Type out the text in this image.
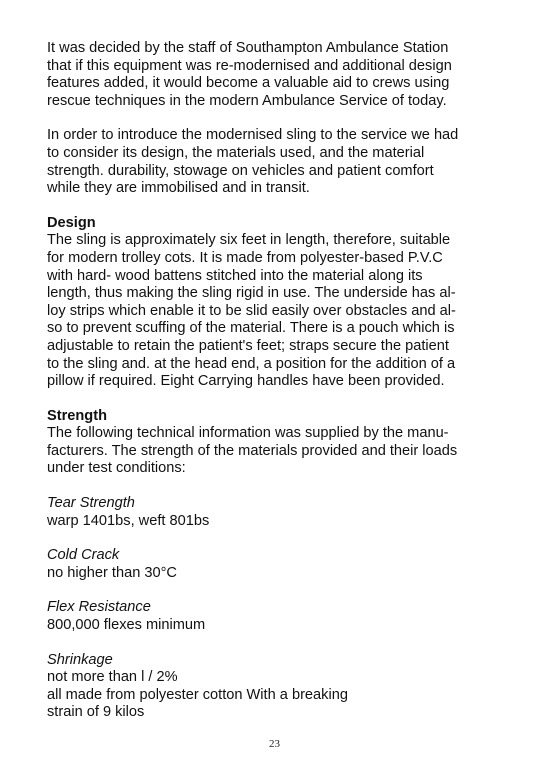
It was decided by the staff of Southampton Ambulance Station
that if this equipment was re-modernised and additional design
features added, it would become a valuable aid to crews using
rescue techniques in the modern Ambulance Service of today.
In order to introduce the modernised sling to the service we had
to consider its design, the materials used, and the material
strength. durability, stowage on vehicles and patient comfort
while they are immobilised and in transit.
Design
The sling is approximately six feet in length, therefore, suitable
for modern trolley cots. It is made from polyester-based P.V.C
with hard- wood battens stitched into the material along its
length, thus making the sling rigid in use. The underside has al-
loy strips which enable it to be slid easily over obstacles and al-
so to prevent scuffing of the material. There is a pouch which is
adjustable to retain the patient's feet; straps secure the patient
to the sling and. at the head end, a position for the addition of a
pillow if required. Eight Carrying handles have been provided.
Strength
The following technical information was supplied by the manu-
facturers. The strength of the materials provided and their loads
under test conditions:
Tear Strength
warp 1401bs, weft 801bs
Cold Crack
no higher than 30°C
Flex Resistance
800,000 flexes minimum
Shrinkage
not more than l / 2%
all made from polyester cotton With a breaking
strain of 9 kilos
23
